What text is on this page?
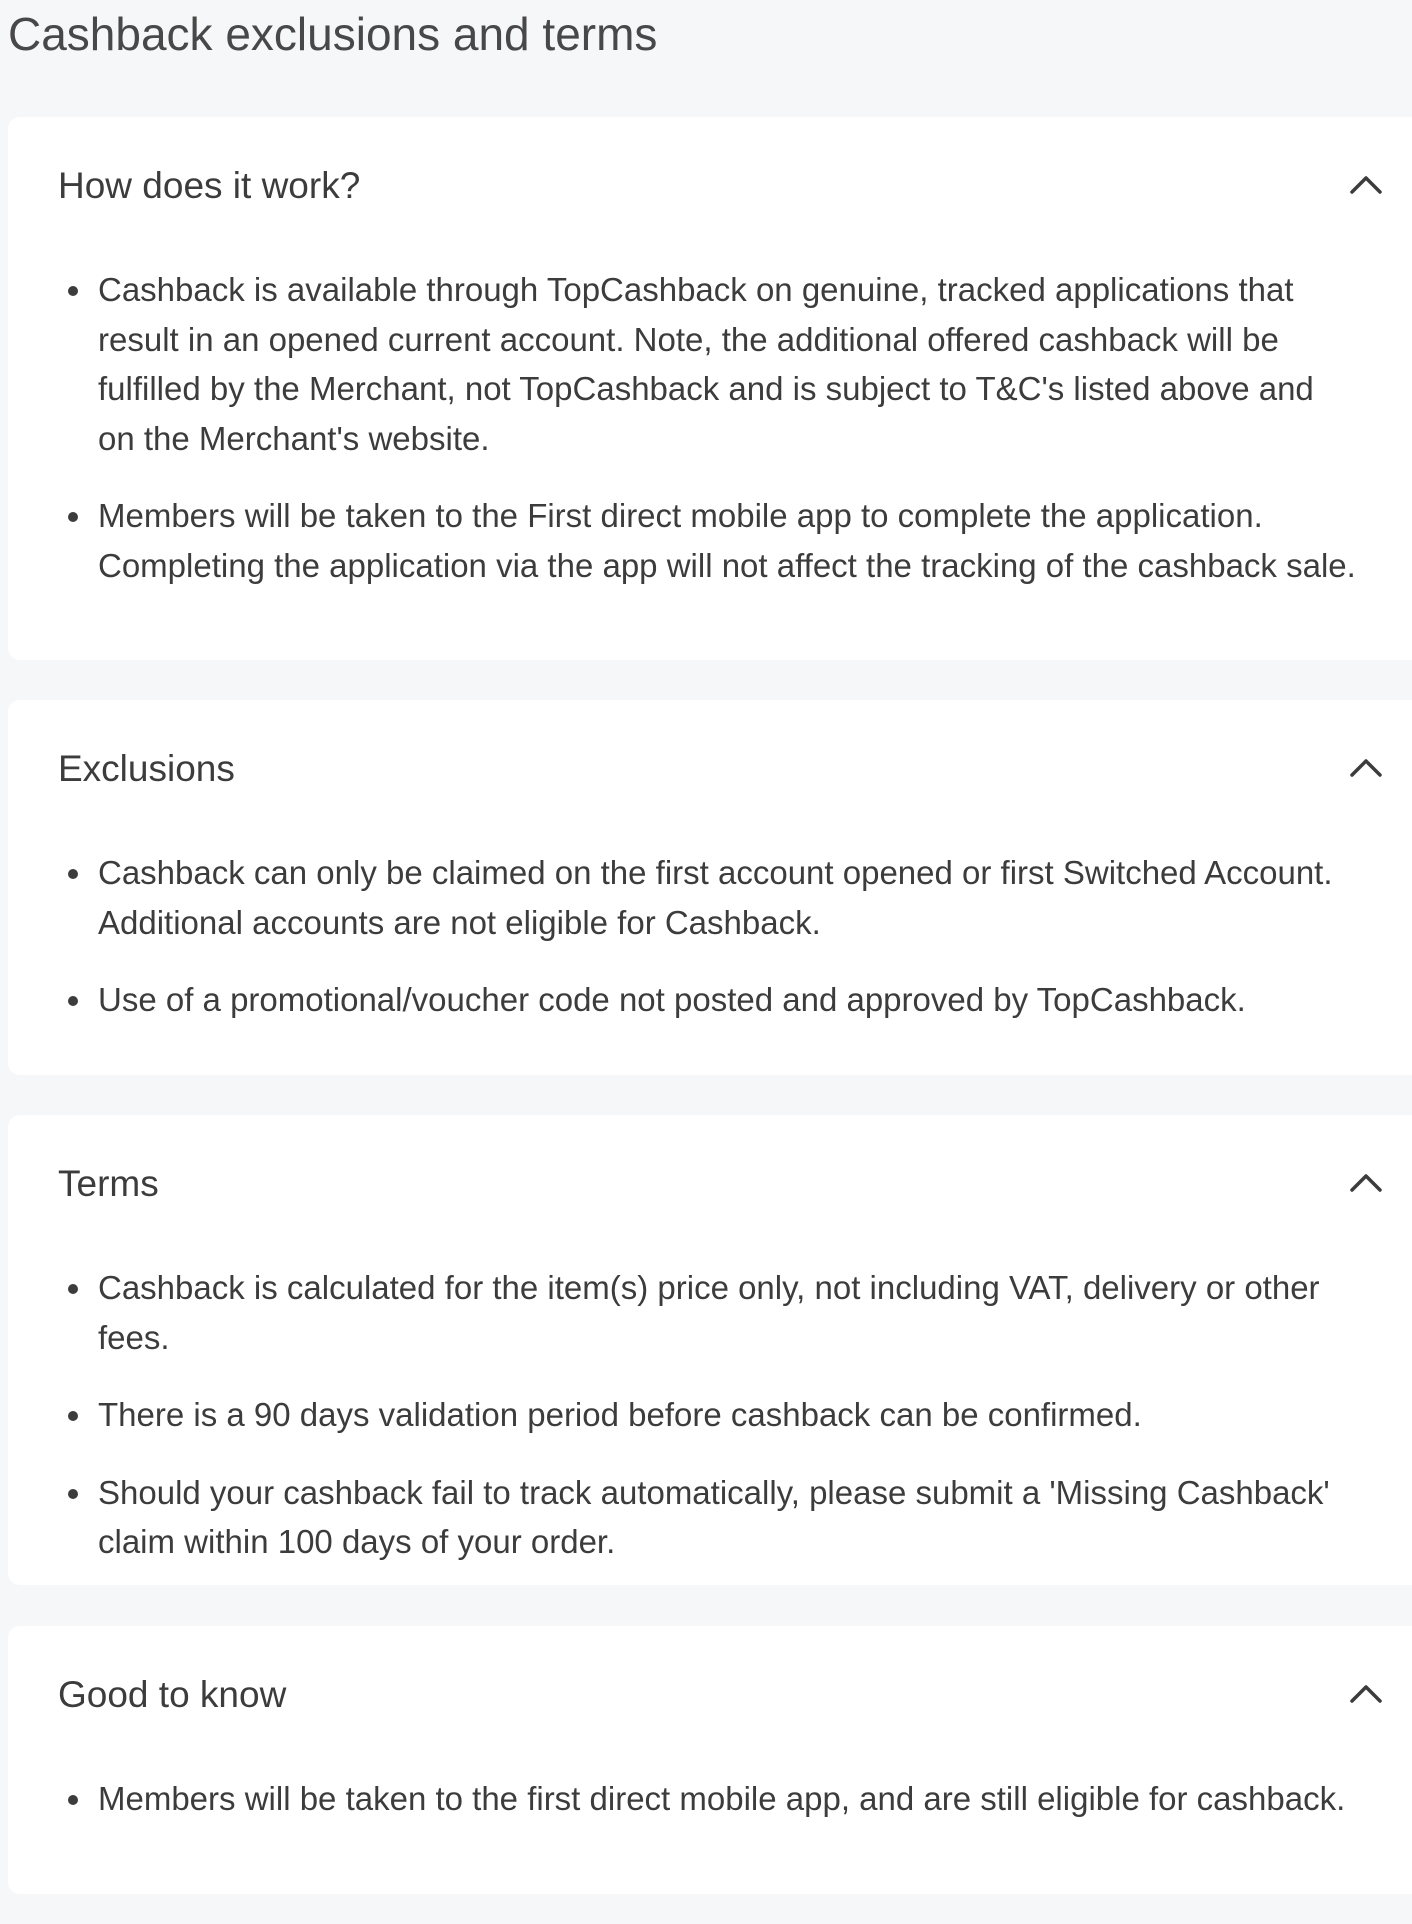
Cashback exclusions and terms
How does it work?

Cashback is available through TopCashback on genuine, tracked applications that result in an opened current account. Note, the additional offered cashback will be fulfilled by the Merchant, not TopCashback and is subject to T&C's listed above and on the Merchant's website.

Members will be taken to the First direct mobile app to complete the application. Completing the application via the app will not affect the tracking of the cashback sale.

Exclusions

Cashback can only be claimed on the first account opened or first Switched Account. Additional accounts are not eligible for Cashback.

Use of a promotional/voucher code not posted and approved by TopCashback.

Terms

Cashback is calculated for the item(s) price only, not including VAT, delivery or other fees.

There is a 90 days validation period before cashback can be confirmed.

Should your cashback fail to track automatically, please submit a 'Missing Cashback' claim within 100 days of your order.

Good to know

Members will be taken to the first direct mobile app, and are still eligible for cashback.
